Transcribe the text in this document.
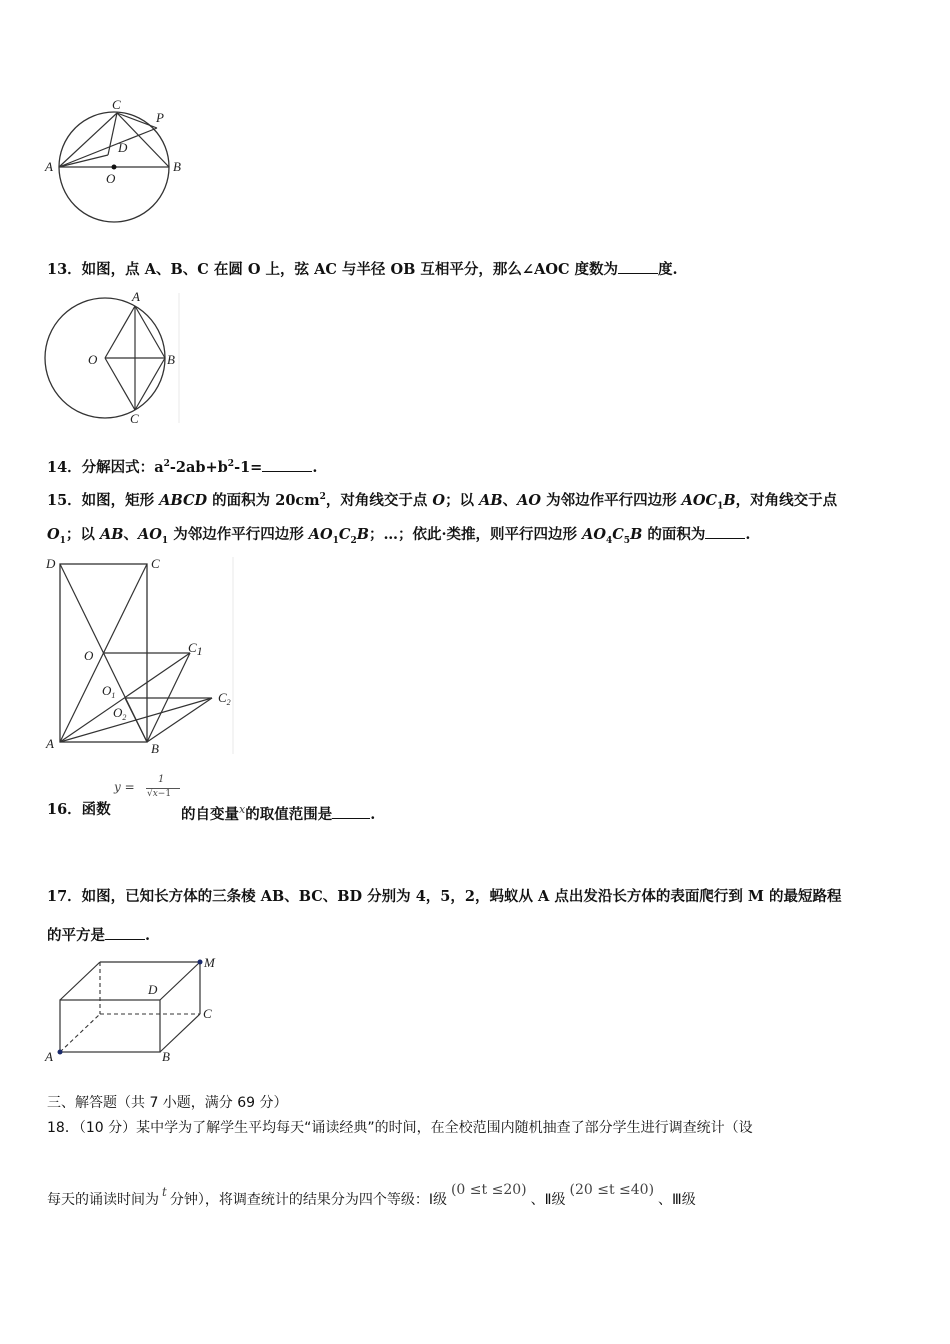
C
P
D
A
O
B
13．如图，点 A、B、C 在圆 O 上，弦 AC 与半径 OB 互相平分，那么∠AOC 度数为	度.
A
O	B
C
14．分解因式：$a^2-2ab+b^2-1=$	.
15．如图，矩形 ABCD 的面积为 $20cm^2$，对角线交于点 O；以 AB、AO 为邻边作平行四边形 $AOC_1B$，对角线交于点
$O_1$；以 AB、$AO_1$ 为邻边作平行四边形 $AO_1C_2B$；…；依此·类推，则平行四边形 $AO_4C_5B$ 的面积为	.
D	C
O
C1
$O_1$
$O_2$
$C_2$
A	B
16．函数
𝑦 =
1
√𝑥−1
的自变量$^𝑥$的取值范围是	.
17．如图，已知长方体的三条棱 AB、BC、BD 分别为 4，5，2，蚂蚁从 A 点出发沿长方体的表面爬行到 M 的最短路程
的平方是	.
M
D
C
A	B
三、解答题（共 7 小题，满分 69 分）
18．（10 分）某中学为了解学生平均每天“诵读经典”的时间，在全校范围内随机抽查了部分学生进行调查统计（设
每天的诵读时间为 t 分钟），将调查统计的结果分为四个等级：Ⅰ级(0 ≤t ≤20)、Ⅱ级(20 ≤t ≤40)、Ⅲ级
